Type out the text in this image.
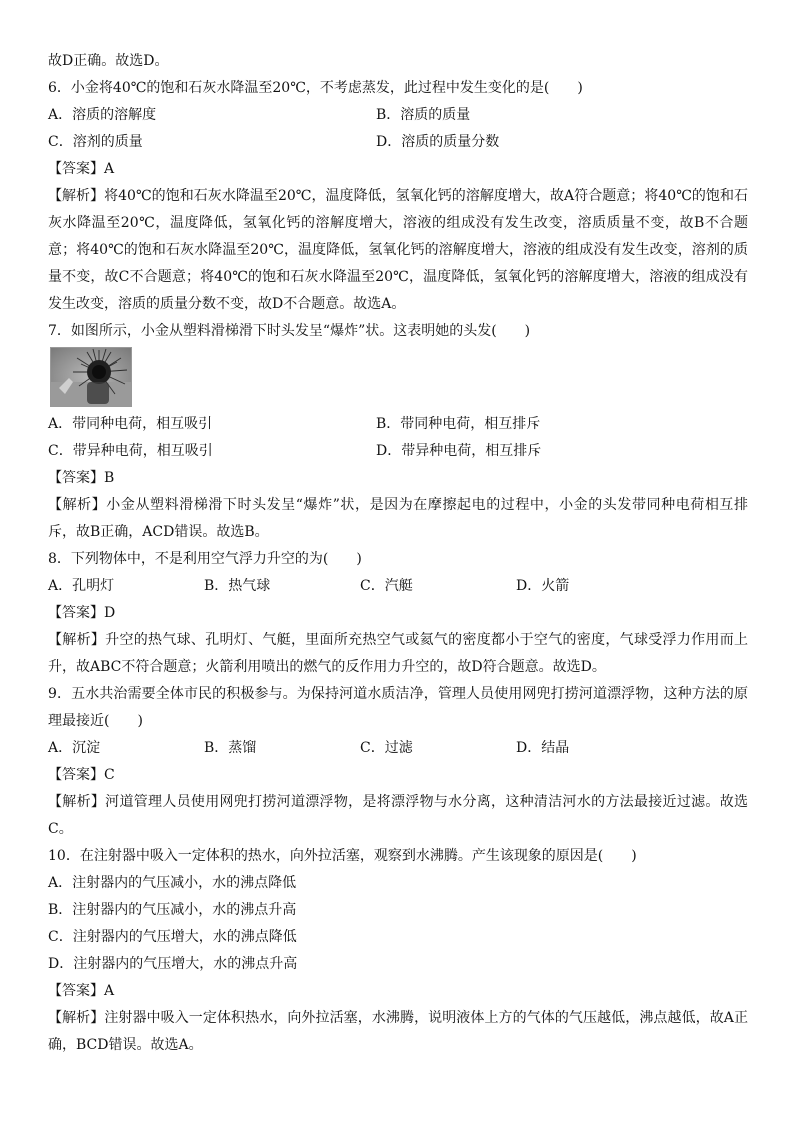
故D正确。故选D。
6．小金将40℃的饱和石灰水降温至20℃，不考虑蒸发，此过程中发生变化的是(　　)
A．溶质的溶解度	B．溶质的质量
C．溶剂的质量	D．溶质的质量分数
【答案】A
【解析】将40℃的饱和石灰水降温至20℃，温度降低，氢氧化钙的溶解度增大，故A符合题意；将40℃的饱和石灰水降温至20℃，温度降低，氢氧化钙的溶解度增大，溶液的组成没有发生改变，溶质质量不变，故B不合题意；将40℃的饱和石灰水降温至20℃，温度降低，氢氧化钙的溶解度增大，溶液的组成没有发生改变，溶剂的质量不变，故C不合题意；将40℃的饱和石灰水降温至20℃，温度降低，氢氧化钙的溶解度增大，溶液的组成没有发生改变，溶质的质量分数不变，故D不合题意。故选A。
7．如图所示，小金从塑料滑梯滑下时头发呈“爆炸”状。这表明她的头发(　　)
A．带同种电荷，相互吸引	B．带同种电荷，相互排斥
C．带异种电荷，相互吸引	D．带异种电荷，相互排斥
【答案】B
【解析】小金从塑料滑梯滑下时头发呈“爆炸”状，是因为在摩擦起电的过程中，小金的头发带同种电荷相互排斥，故B正确，ACD错误。故选B。
8．下列物体中，不是利用空气浮力升空的为(　　)
A．孔明灯	B．热气球	C．汽艇	D．火箭
【答案】D
【解析】升空的热气球、孔明灯、气艇，里面所充热空气或氦气的密度都小于空气的密度，气球受浮力作用而上升，故ABC不符合题意；火箭利用喷出的燃气的反作用力升空的，故D符合题意。故选D。
9．五水共治需要全体市民的积极参与。为保持河道水质洁净，管理人员使用网兜打捞河道漂浮物，这种方法的原理最接近(　　)
A．沉淀	B．蒸馏	C．过滤	D．结晶
【答案】C
【解析】河道管理人员使用网兜打捞河道漂浮物，是将漂浮物与水分离，这种清洁河水的方法最接近过滤。故选C。
10．在注射器中吸入一定体积的热水，向外拉活塞，观察到水沸腾。产生该现象的原因是(　　)
A．注射器内的气压减小，水的沸点降低
B．注射器内的气压减小，水的沸点升高
C．注射器内的气压增大，水的沸点降低
D．注射器内的气压增大，水的沸点升高
【答案】A
【解析】注射器中吸入一定体积热水，向外拉活塞，水沸腾，说明液体上方的气体的气压越低，沸点越低，故A正确，BCD错误。故选A。
